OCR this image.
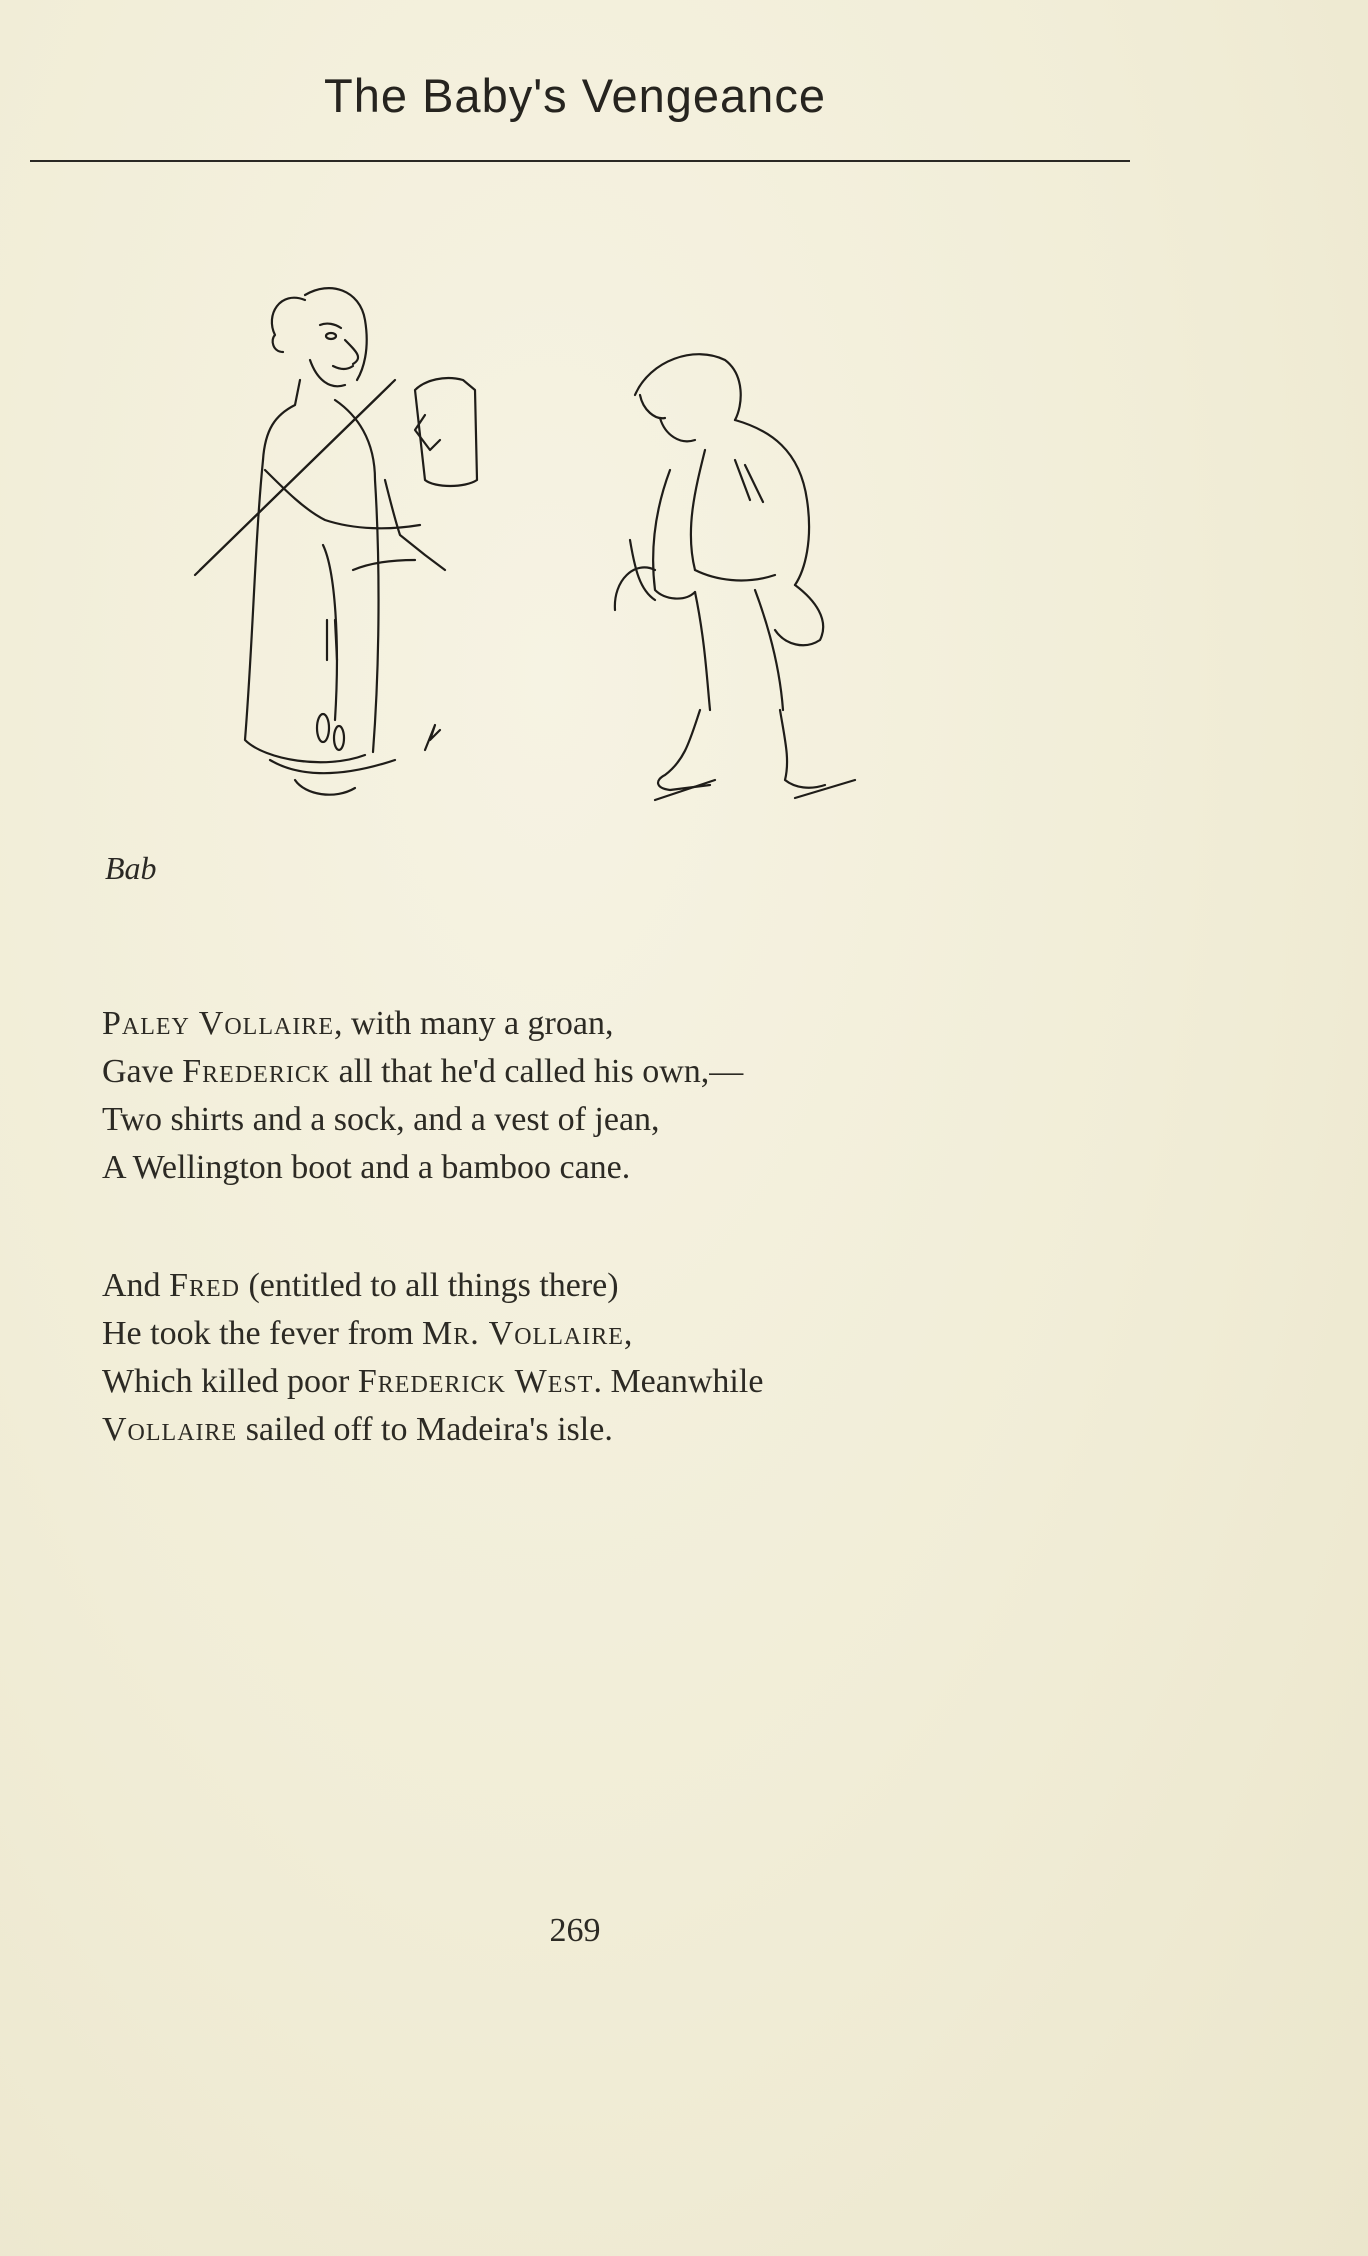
The Baby's Vengeance
Bab
Paley Vollaire, with many a groan,
Gave Frederick all that he'd called his own,—
Two shirts and a sock, and a vest of jean,
A Wellington boot and a bamboo cane.
And Fred (entitled to all things there)
He took the fever from Mr. Vollaire,
Which killed poor Frederick West. Meanwhile
Vollaire sailed off to Madeira's isle.
269
